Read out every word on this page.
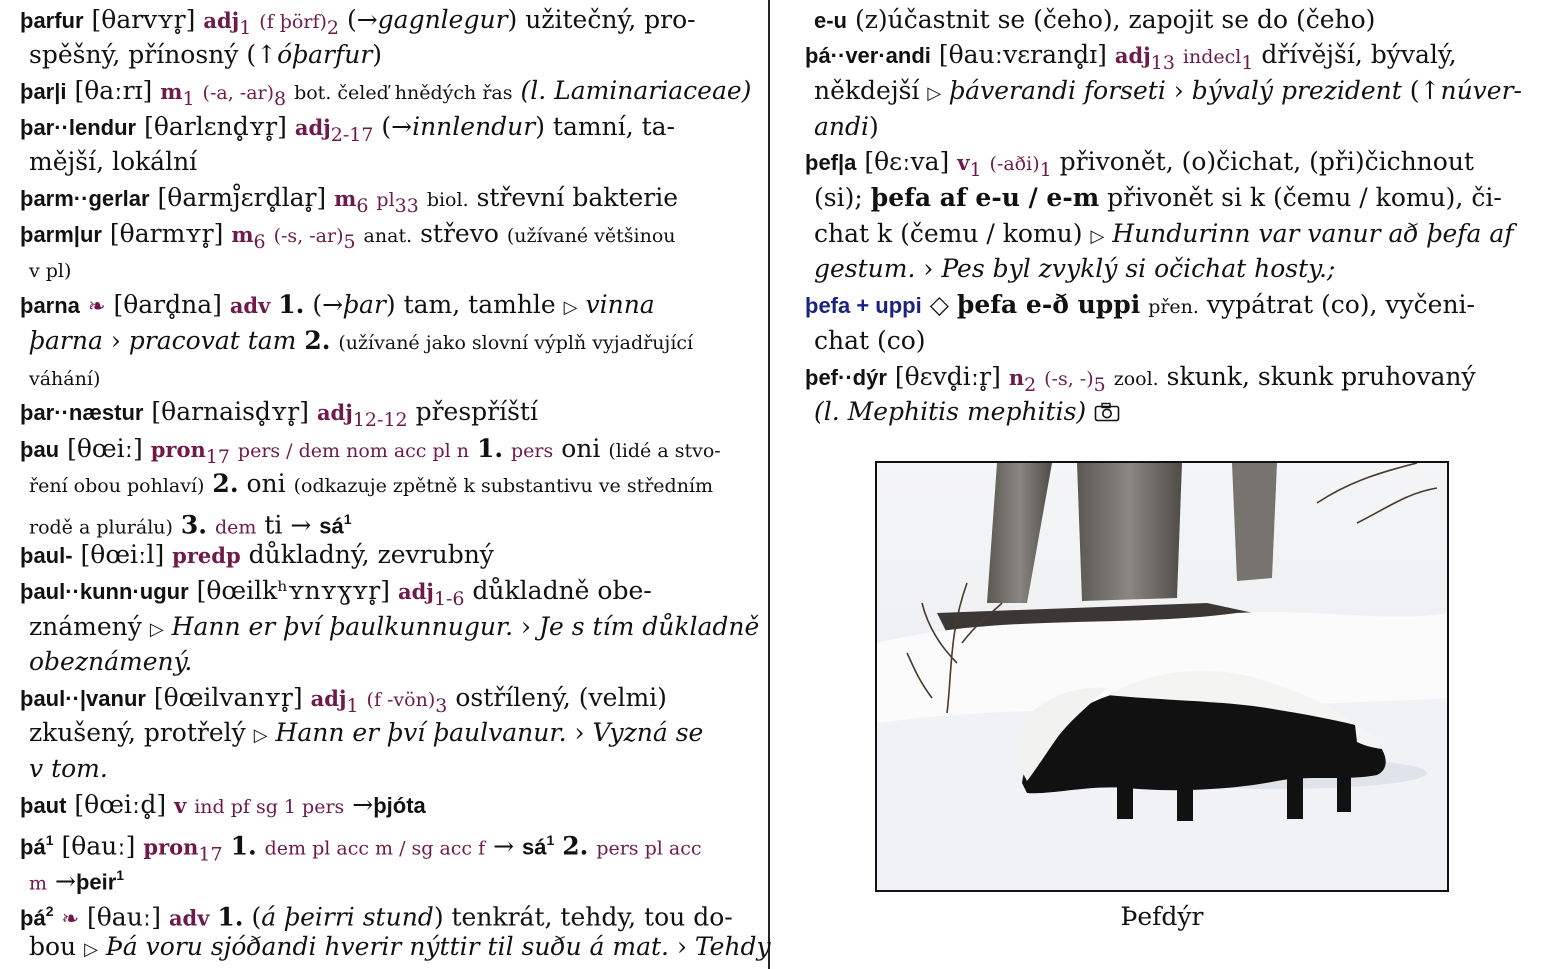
þarfur [θarvʏr̥] adj$_1$ (f $þörf)_2$ (→gagnlegur) užitečný, pro-
spěšný, přínosný (↑óþarfur)
þar|i [θaːrɪ] $m_1$ (-a, $-ar)_8$ bot. čeleď hnědých řas (l. Laminariaceae)
þar··lendur [θarlɛnd̥ʏr̥] adj$_{2-17}$ (→innlendur) tamní, ta-
mější, lokální
þarm··gerlar [θarmj̊ɛrd̥lar̥] $m_6$ $pl_{33}$ biol. střevní bakterie
þarm|ur [θarmʏr̥] $m_6$ (-s, $-ar)_5$ anat. střevo (užívané většinou
v pl)
þarna ❧ [θard̥na] adv 1. (→þar) tam, tamhle ▷ vinna
þarna › pracovat tam 2. (užívané jako slovní výplň vyjadřující
váhání)
þar··næstur [θarnaisd̥ʏr̥] adj$_{12-12}$ přespříští
þau [θœiː] pron$_{17}$ pers / dem nom acc pl n 1. pers oni (lidé a stvo-
ření obou pohlaví) 2. oni (odkazuje zpětně k substantivu ve středním
rodě a plurálu) 3. dem ti → $sá^1$
þaul- [θœiːl] predp důkladný, zevrubný
þaul··kunn·ugur [θœilkʰʏnʏɣʏr̥] adj$_{1-6}$ důkladně obe-
známený ▷ Hann er því þaulkunnugur. › Je s tím důkladně
obeznámený.
þaul··|vanur [θœilvanʏr̥] adj$_1$ (f $-vön)_3$ ostřílený, (velmi)
zkušený, protřelý ▷ Hann er því þaulvanur. › Vyzná se
v tom.
þaut [θœiːd̥] v ind pf sg 1 pers →þjóta
$þá^1$ [θauː] pron$_{17}$ 1. dem pl acc m / sg acc $f \to sá^1$ 2. pers pl acc
m →þeir$^1$
$þá^2$ ❧ [θauː] adv 1. (á þeirri stund) tenkrát, tehdy, tou do-
bou ▷ Þá voru sjóðandi hverir nýttir til suðu á mat. › Tehdy
e-u (z)účastnit se (čeho), zapojit se do (čeho)
þá··ver·andi [θauːvɛrand̥ɪ] adj$_{13}$ indecl$_1$ dřívější, bývalý,
někdejší ▷ þáverandi forseti › bývalý prezident (↑núver-
andi)
þef|a [θɛːva] $v_1$ $(-aði)_1$ přivonět, (o)čichat, (při)čichnout
(si); þefa af e-u / e-m přivonět si k (čemu / komu), či-
chat k (čemu / komu) ▷ Hundurinn var vanur að þefa af
gestum. › Pes byl zvyklý si očichat hosty.;
þefa + uppi ◇ þefa e-ð uppi přen. vypátrat (co), vyčeni-
chat (co)
þef··dýr [θɛvd̥iːr̥] $n_2$ (-s, $-)_5$ zool. skunk, skunk pruhovaný
(l. Mephitis mephitis)
Þefdýr
